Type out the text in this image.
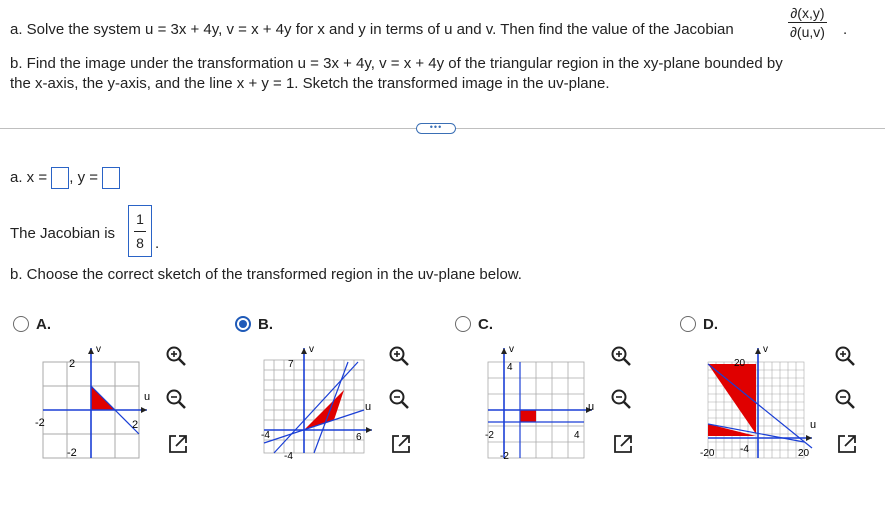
a. Solve the system u = 3x + 4y, v = x + 4y for x and y in terms of u and v. Then find the value of the Jacobian
∂(x,y)
∂(u,v) .
b. Find the image under the transformation u = 3x + 4y, v = x + 4y of the triangular region in the xy-plane bounded by
the x-axis, the y-axis, and the line x + y = 1. Sketch the transformed image in the uv-plane.
•••
a. x = , y =
The Jacobian is
1
8 .
b. Choose the correct sketch of the transformed region in the uv-plane below.
A.
2
-2	2
-2
u
v
B.
7
-4	6
-4
u
v
C.
4
-2	4
-2
u
v
D.
20
-20	-4	20
u
v
